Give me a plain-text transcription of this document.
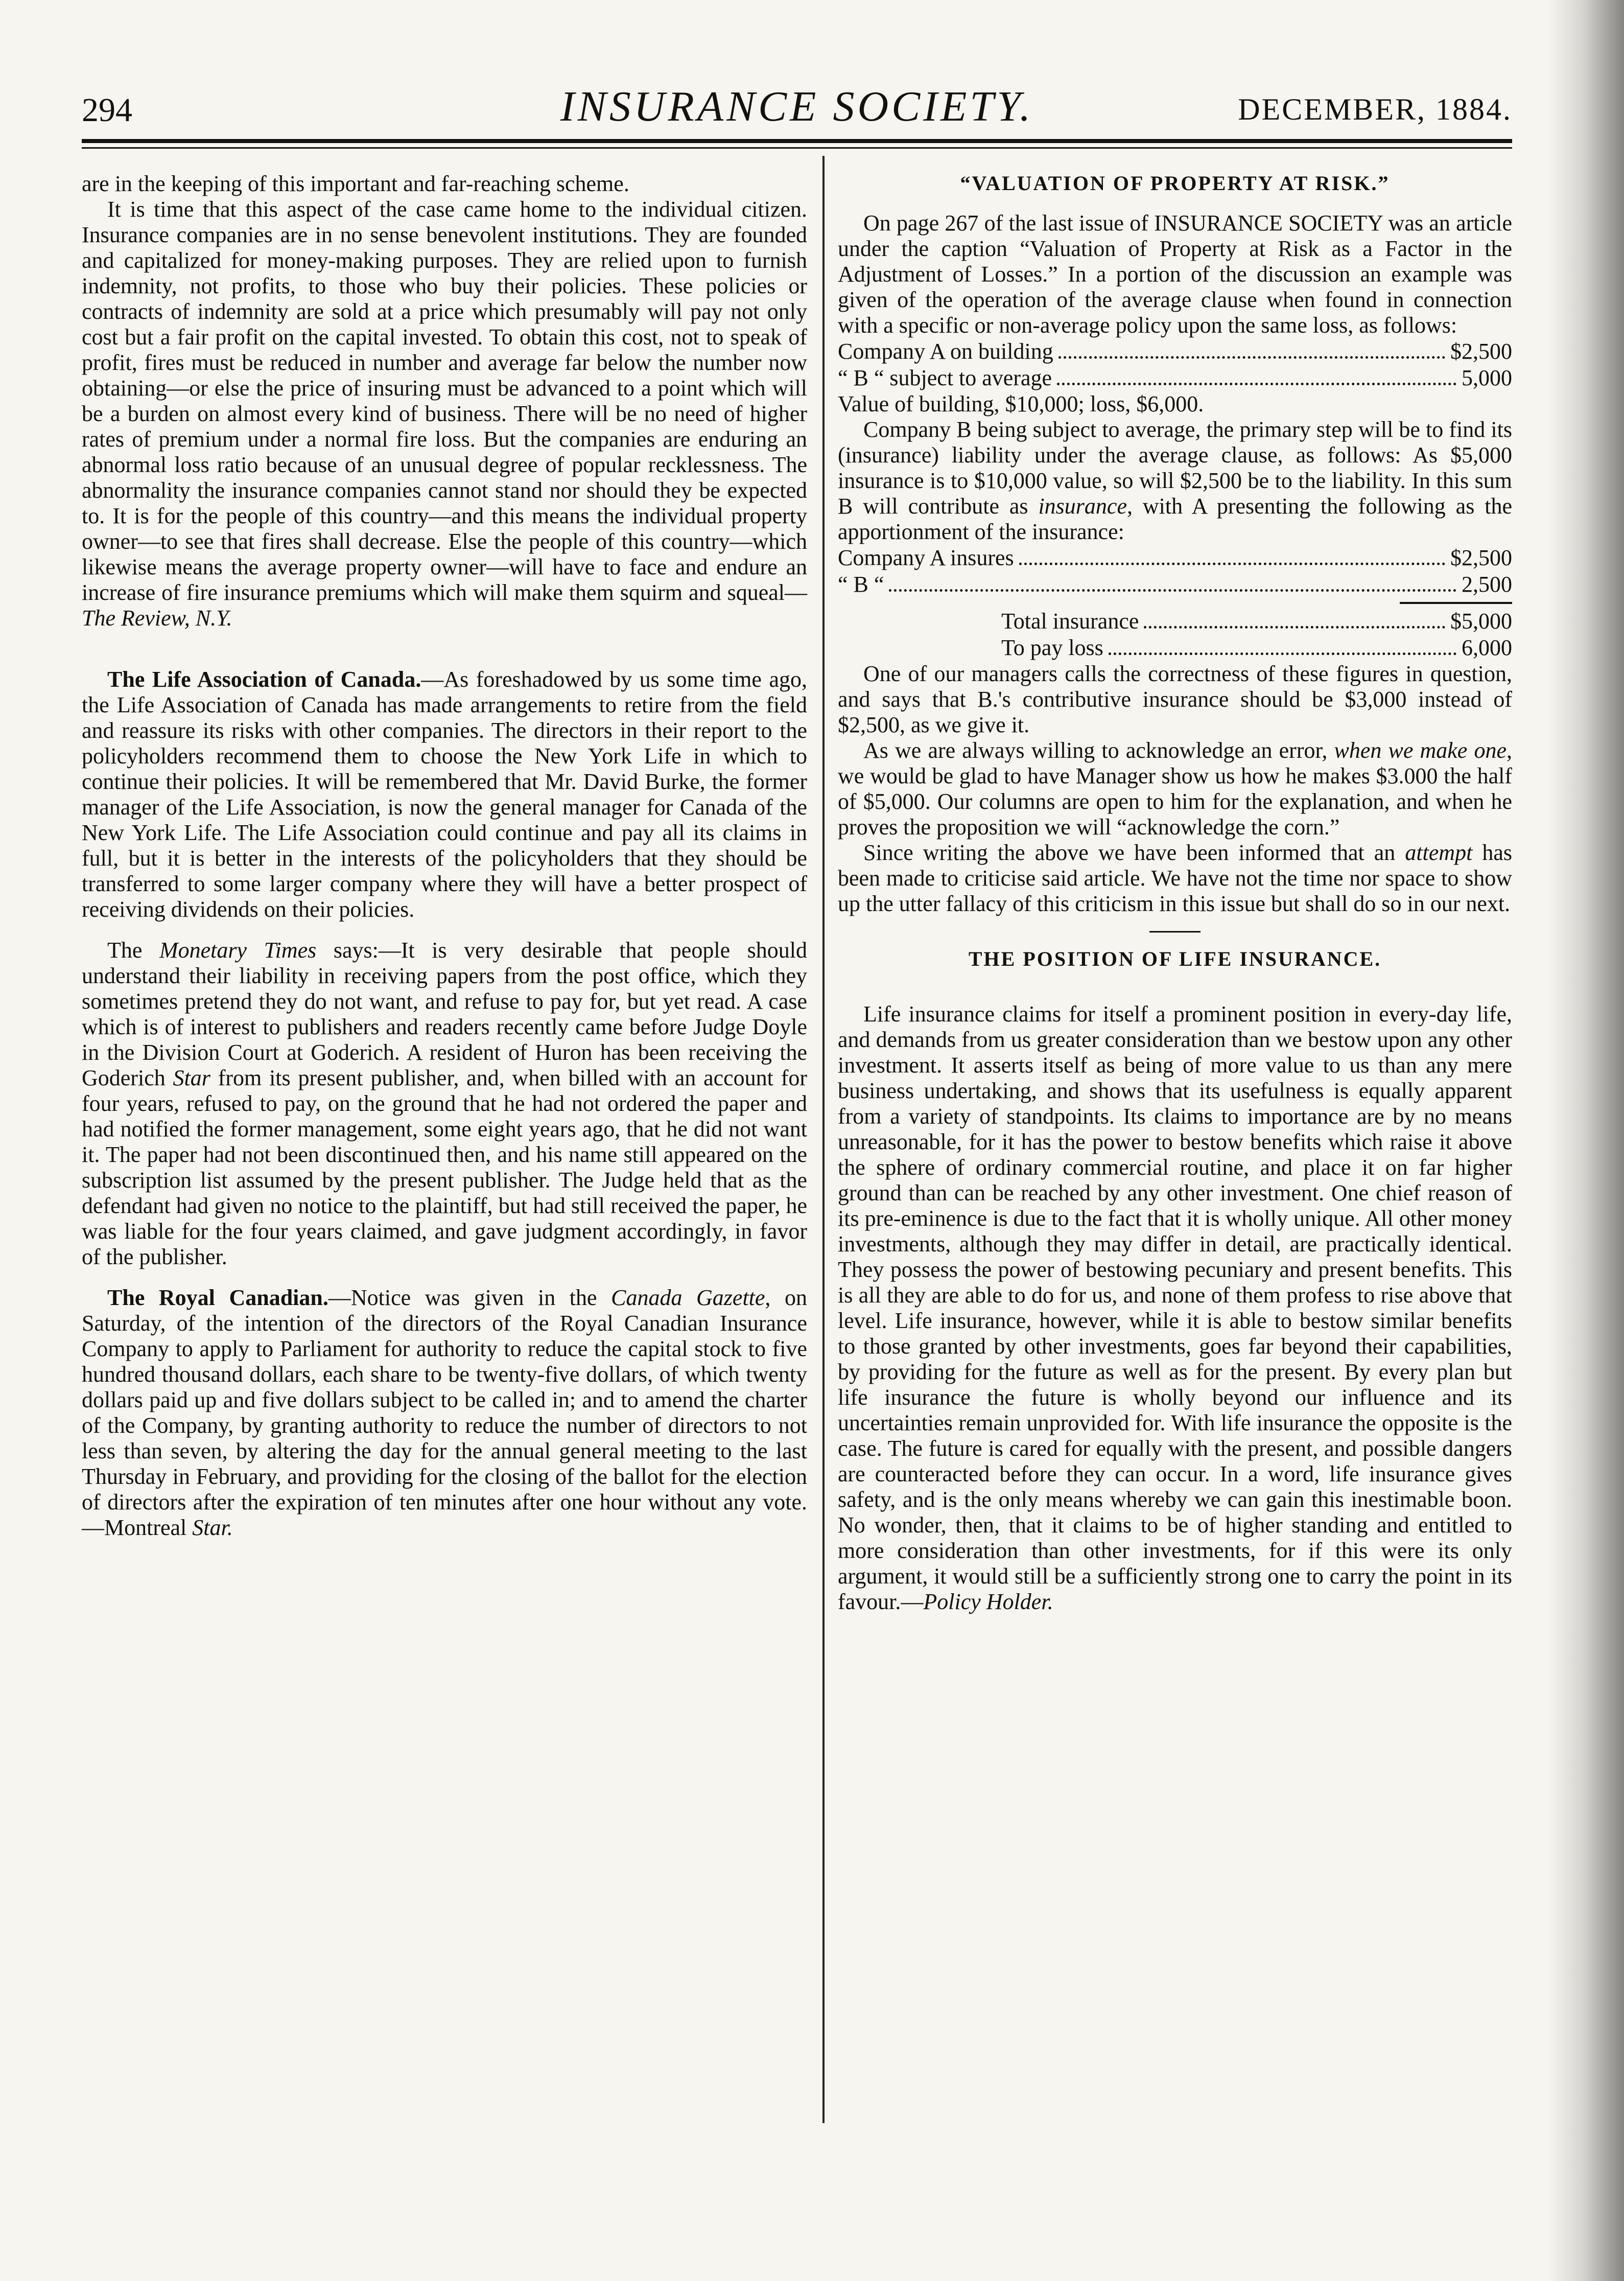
294	INSURANCE SOCIETY.	DECEMBER, 1884.

are in the keeping of this important and far-reaching scheme.

It is time that this aspect of the case came home to the individual citizen. Insurance companies are in no sense benevolent institutions. They are founded and capitalized for money-making purposes. They are relied upon to furnish indemnity, not profits, to those who buy their policies. These policies or contracts of indemnity are sold at a price which presumably will pay not only cost but a fair profit on the capital invested. To obtain this cost, not to speak of profit, fires must be reduced in number and average far below the number now obtaining—or else the price of insuring must be advanced to a point which will be a burden on almost every kind of business. There will be no need of higher rates of premium under a normal fire loss. But the companies are enduring an abnormal loss ratio because of an unusual degree of popular recklessness. The abnormality the insurance companies cannot stand nor should they be expected to. It is for the people of this country—and this means the individual property owner—to see that fires shall decrease. Else the people of this country—which likewise means the average property owner—will have to face and endure an increase of fire insurance premiums which will make them squirm and squeal—The Review, N.Y.

The Life Association of Canada.—As foreshadowed by us some time ago, the Life Association of Canada has made arrangements to retire from the field and reassure its risks with other companies. The directors in their report to the policyholders recommend them to choose the New York Life in which to continue their policies. It will be remembered that Mr. David Burke, the former manager of the Life Association, is now the general manager for Canada of the New York Life. The Life Association could continue and pay all its claims in full, but it is better in the interests of the policyholders that they should be transferred to some larger company where they will have a better prospect of receiving dividends on their policies.

The Monetary Times says:—It is very desirable that people should understand their liability in receiving papers from the post office, which they sometimes pretend they do not want, and refuse to pay for, but yet read. A case which is of interest to publishers and readers recently came before Judge Doyle in the Division Court at Goderich. A resident of Huron has been receiving the Goderich Star from its present publisher, and, when billed with an account for four years, refused to pay, on the ground that he had not ordered the paper and had notified the former management, some eight years ago, that he did not want it. The paper had not been discontinued then, and his name still appeared on the subscription list assumed by the present publisher. The Judge held that as the defendant had given no notice to the plaintiff, but had still received the paper, he was liable for the four years claimed, and gave judgment accordingly, in favor of the publisher.

The Royal Canadian.—Notice was given in the Canada Gazette, on Saturday, of the intention of the directors of the Royal Canadian Insurance Company to apply to Parliament for authority to reduce the capital stock to five hundred thousand dollars, each share to be twenty-five dollars, of which twenty dollars paid up and five dollars subject to be called in; and to amend the charter of the Company, by granting authority to reduce the number of directors to not less than seven, by altering the day for the annual general meeting to the last Thursday in February, and providing for the closing of the ballot for the election of directors after the expiration of ten minutes after one hour without any vote.—Montreal Star.

“VALUATION OF PROPERTY AT RISK.”

On page 267 of the last issue of INSURANCE SOCIETY was an article under the caption “Valuation of Property at Risk as a Factor in the Adjustment of Losses.” In a portion of the discussion an example was given of the operation of the average clause when found in connection with a specific or non-average policy upon the same loss, as follows:

Company A on building	$2,500
“ B “ subject to average	5,000

Value of building, $10,000; loss, $6,000.

Company B being subject to average, the primary step will be to find its (insurance) liability under the average clause, as follows: As $5,000 insurance is to $10,000 value, so will $2,500 be to the liability. In this sum B will contribute as insurance, with A presenting the following as the apportionment of the insurance:

Company A insures	$2,500
“ B “	2,500
Total insurance	$5,000
To pay loss	6,000

One of our managers calls the correctness of these figures in question, and says that B.'s contributive insurance should be $3,000 instead of $2,500, as we give it.

As we are always willing to acknowledge an error, when we make one, we would be glad to have Manager show us how he makes $3.000 the half of $5,000. Our columns are open to him for the explanation, and when he proves the proposition we will “acknowledge the corn.”

Since writing the above we have been informed that an attempt has been made to criticise said article. We have not the time nor space to show up the utter fallacy of this criticism in this issue but shall do so in our next.

THE POSITION OF LIFE INSURANCE.

Life insurance claims for itself a prominent position in every-day life, and demands from us greater consideration than we bestow upon any other investment. It asserts itself as being of more value to us than any mere business undertaking, and shows that its usefulness is equally apparent from a variety of standpoints. Its claims to importance are by no means unreasonable, for it has the power to bestow benefits which raise it above the sphere of ordinary commercial routine, and place it on far higher ground than can be reached by any other investment. One chief reason of its pre-eminence is due to the fact that it is wholly unique. All other money investments, although they may differ in detail, are practically identical. They possess the power of bestowing pecuniary and present benefits. This is all they are able to do for us, and none of them profess to rise above that level. Life insurance, however, while it is able to bestow similar benefits to those granted by other investments, goes far beyond their capabilities, by providing for the future as well as for the present. By every plan but life insurance the future is wholly beyond our influence and its uncertainties remain unprovided for. With life insurance the opposite is the case. The future is cared for equally with the present, and possible dangers are counteracted before they can occur. In a word, life insurance gives safety, and is the only means whereby we can gain this inestimable boon. No wonder, then, that it claims to be of higher standing and entitled to more consideration than other investments, for if this were its only argument, it would still be a sufficiently strong one to carry the point in its favour.—Policy Holder.
